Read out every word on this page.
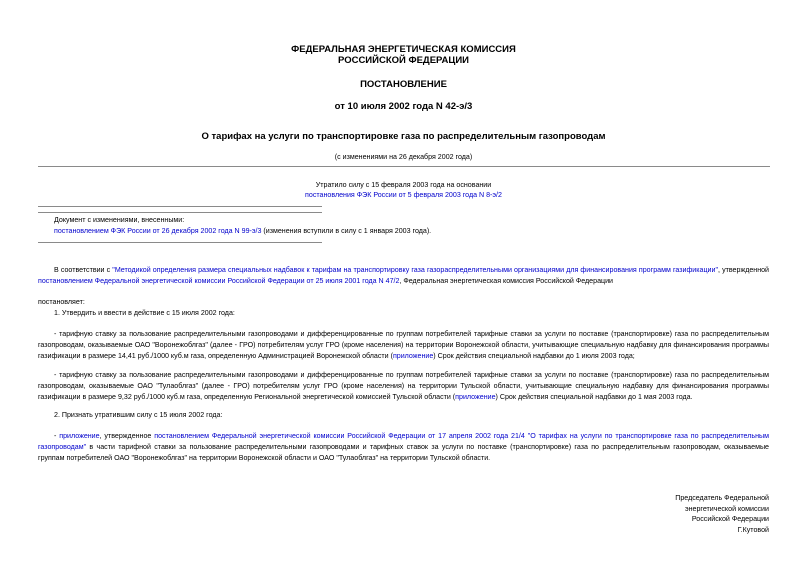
ФЕДЕРАЛЬНАЯ ЭНЕРГЕТИЧЕСКАЯ КОМИССИЯ
РОССИЙСКОЙ ФЕДЕРАЦИИ
ПОСТАНОВЛЕНИЕ
от 10 июля 2002 года N 42-э/3
О тарифах на услуги по транспортировке газа по распределительным газопроводам
(с изменениями на 26 декабря 2002 года)
Утратило силу с 15 февраля 2003 года на основании
постановления ФЭК России от 5 февраля 2003 года N 8-э/2
Документ с изменениями, внесенными:
постановлением ФЭК России от 26 декабря 2002 года N 99-э/3 (изменения вступили в силу с 1 января 2003 года).
В соответствии с "Методикой определения размера специальных надбавок к тарифам на транспортировку газа газораспределительными организациями для финансирования программ газификации", утвержденной постановлением Федеральной энергетической комиссии Российской Федерации от 25 июля 2001 года N 47/2, Федеральная энергетическая комиссия Российской Федерации
постановляет:
1. Утвердить и ввести в действие с 15 июля 2002 года:
- тарифную ставку за пользование распределительными газопроводами и дифференцированные по группам потребителей тарифные ставки за услуги по поставке (транспортировке) газа по распределительным газопроводам, оказываемые ОАО "Воронежоблгаз" (далее - ГРО) потребителям услуг ГРО (кроме населения) на территории Воронежской области, учитывающие специальную надбавку для финансирования программы газификации в размере 14,41 руб./1000 куб.м газа, определенную Администрацией Воронежской области (приложение) Срок действия специальной надбавки до 1 июля 2003 года;
- тарифную ставку за пользование распределительными газопроводами и дифференцированные по группам потребителей тарифные ставки за услуги по поставке (транспортировке) газа по распределительным газопроводам, оказываемые ОАО "Тулаоблгаз" (далее - ГРО) потребителям услуг ГРО (кроме населения) на территории Тульской области, учитывающие специальную надбавку для финансирования программы газификации в размере 9,32 руб./1000 куб.м газа, определенную Региональной энергетической комиссией Тульской области (приложение) Срок действия специальной надбавки до 1 мая 2003 года.
2. Признать утратившим силу с 15 июля 2002 года:
- приложение, утвержденное постановлением Федеральной энергетической комиссии Российской Федерации от 17 апреля 2002 года 21/4 "О тарифах на услуги по транспортировке газа по распределительным газопроводам" в части тарифной ставки за пользование распределительными газопроводами и тарифных ставок за услуги по поставке (транспортировке) газа по распределительным газопроводам, оказываемые группам потребителей ОАО "Воронежоблгаз" на территории Воронежской области и ОАО "Тулаоблгаз" на территории Тульской области.
Председатель Федеральной
энергетической комиссии
Российской Федерации
Г.Кутовой
